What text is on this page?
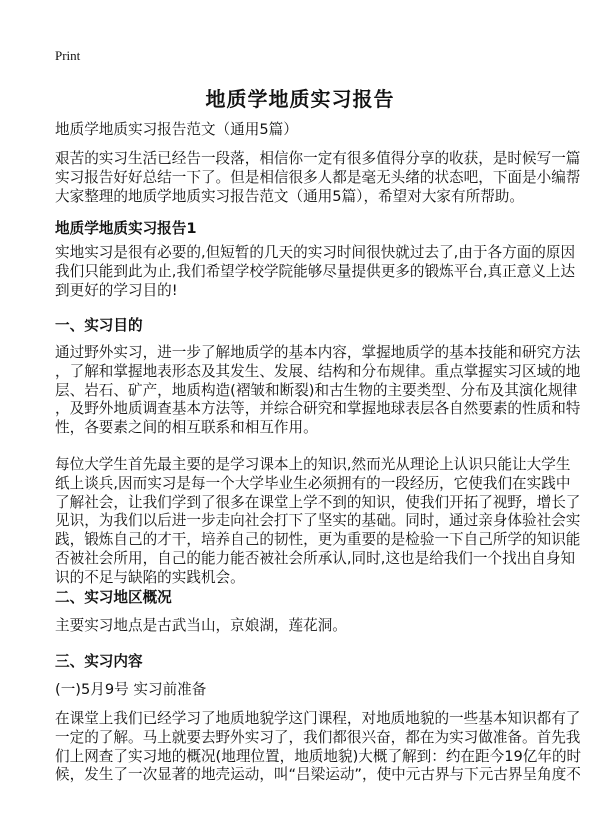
Print
地质学地质实习报告
地质学地质实习报告范文（通用5篇）
艰苦的实习生活已经告一段落，相信你一定有很多值得分享的收获，是时候写一篇
实习报告好好总结一下了。但是相信很多人都是毫无头绪的状态吧，下面是小编帮
大家整理的地质学地质实习报告范文（通用5篇），希望对大家有所帮助。
地质学地质实习报告1
实地实习是很有必要的,但短暂的几天的实习时间很快就过去了,由于各方面的原因
我们只能到此为止,我们希望学校学院能够尽量提供更多的锻炼平台,真正意义上达
到更好的学习目的!
一、实习目的
通过野外实习，进一步了解地质学的基本内容，掌握地质学的基本技能和研究方法
，了解和掌握地表形态及其发生、发展、结构和分布规律。重点掌握实习区域的地
层、岩石、矿产，地质构造(褶皱和断裂)和古生物的主要类型、分布及其演化规律
，及野外地质调查基本方法等，并综合研究和掌握地球表层各自然要素的性质和特
性，各要素之间的相互联系和相互作用。
每位大学生首先最主要的是学习课本上的知识,然而光从理论上认识只能让大学生
纸上谈兵,因而实习是每一个大学毕业生必须拥有的一段经历，它使我们在实践中
了解社会，让我们学到了很多在课堂上学不到的知识，使我们开拓了视野，增长了
见识，为我们以后进一步走向社会打下了坚实的基础。同时，通过亲身体验社会实
践，锻炼自己的才干，培养自己的韧性，更为重要的是检验一下自己所学的知识能
否被社会所用，自己的能力能否被社会所承认,同时,这也是给我们一个找出自身知
识的不足与缺陷的实践机会。
二、实习地区概况
主要实习地点是古武当山，京娘湖，莲花洞。
三、实习内容
(一)5月9号 实习前准备
在课堂上我们已经学习了地质地貌学这门课程，对地质地貌的一些基本知识都有了
一定的了解。马上就要去野外实习了，我们都很兴奋，都在为实习做准备。首先我
们上网查了实习地的概况(地理位置，地质地貌)大概了解到：约在距今19亿年的时
候，发生了一次显著的地壳运动，叫“吕梁运动”，使中元古界与下元古界呈角度不
